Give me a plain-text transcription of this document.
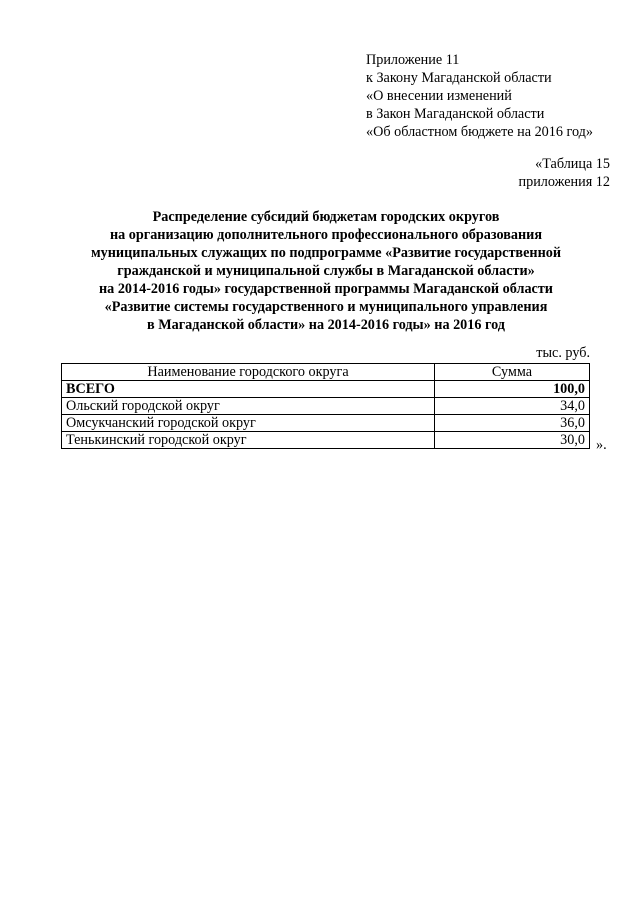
Приложение 11
к Закону Магаданской области
«О внесении изменений
в Закон Магаданской области
«Об областном бюджете на 2016 год»
«Таблица 15
приложения 12
Распределение субсидий бюджетам городских округов
на организацию дополнительного профессионального образования
муниципальных служащих по подпрограмме «Развитие государственной
гражданской и муниципальной службы в Магаданской области»
на 2014-2016 годы» государственной программы Магаданской области
«Развитие системы государственного и муниципального управления
в Магаданской области» на 2014-2016 годы» на 2016 год
тыс. руб.
Наименование городского округа	Сумма
ВСЕГО	100,0
Ольский городской округ	34,0
Омсукчанский городской округ	36,0
Тенькинский городской округ	30,0 ».
